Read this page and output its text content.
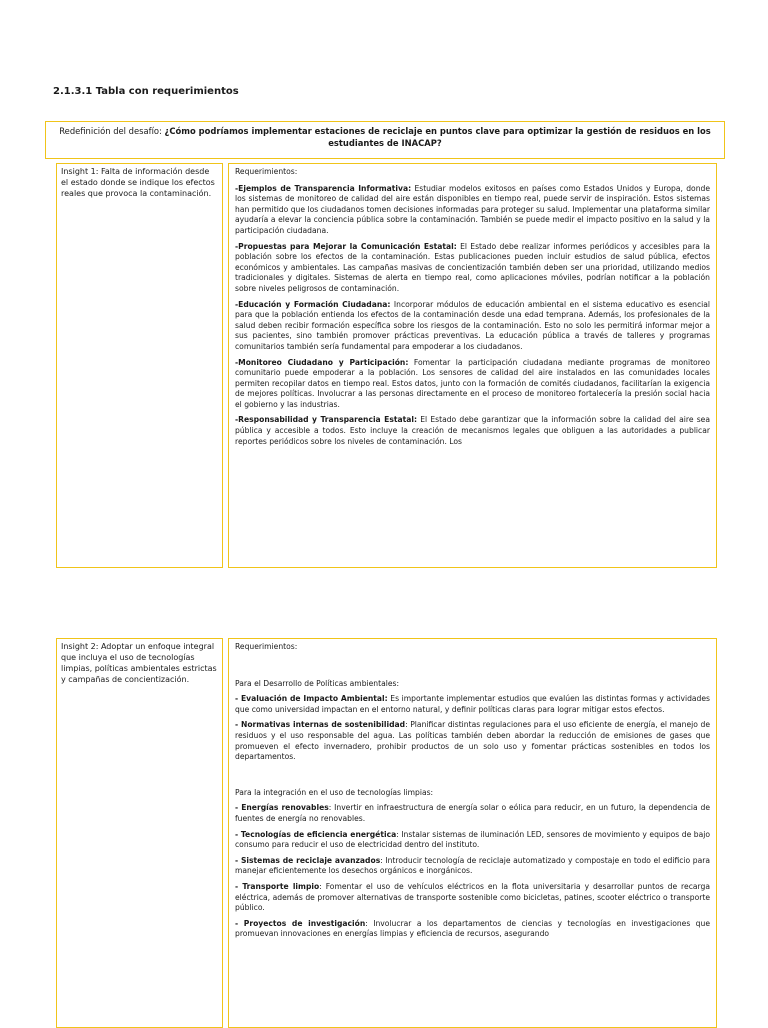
2.1.3.1 Tabla con requerimientos
Redefinición del desafío: ¿Cómo podríamos implementar estaciones de reciclaje en puntos clave para optimizar la gestión de residuos en los estudiantes de INACAP?
Insight 1: Falta de información desde el estado donde se indique los efectos reales que provoca la contaminación.
Requerimientos:

-Ejemplos de Transparencia Informativa: Estudiar modelos exitosos en países como Estados Unidos y Europa, donde los sistemas de monitoreo de calidad del aire están disponibles en tiempo real, puede servir de inspiración. Estos sistemas han permitido que los ciudadanos tomen decisiones informadas para proteger su salud. Implementar una plataforma similar ayudaría a elevar la conciencia pública sobre la contaminación. También se puede medir el impacto positivo en la salud y la participación ciudadana.

-Propuestas para Mejorar la Comunicación Estatal: El Estado debe realizar informes periódicos y accesibles para la población sobre los efectos de la contaminación. Estas publicaciones pueden incluir estudios de salud pública, efectos económicos y ambientales. Las campañas masivas de concientización también deben ser una prioridad, utilizando medios tradicionales y digitales. Sistemas de alerta en tiempo real, como aplicaciones móviles, podrían notificar a la población sobre niveles peligrosos de contaminación.

-Educación y Formación Ciudadana: Incorporar módulos de educación ambiental en el sistema educativo es esencial para que la población entienda los efectos de la contaminación desde una edad temprana. Además, los profesionales de la salud deben recibir formación específica sobre los riesgos de la contaminación. Esto no solo les permitirá informar mejor a sus pacientes, sino también promover prácticas preventivas. La educación pública a través de talleres y programas comunitarios también sería fundamental para empoderar a los ciudadanos.

-Monitoreo Ciudadano y Participación: Fomentar la participación ciudadana mediante programas de monitoreo comunitario puede empoderar a la población. Los sensores de calidad del aire instalados en las comunidades locales permiten recopilar datos en tiempo real. Estos datos, junto con la formación de comités ciudadanos, facilitarían la exigencia de mejores políticas. Involucrar a las personas directamente en el proceso de monitoreo fortalecería la presión social hacia el gobierno y las industrias.

-Responsabilidad y Transparencia Estatal: El Estado debe garantizar que la información sobre la calidad del aire sea pública y accesible a todos. Esto incluye la creación de mecanismos legales que obliguen a las autoridades a publicar reportes periódicos sobre los niveles de contaminación. Los

Insight 2: Adoptar un enfoque integral que incluya el uso de tecnologías limpias, políticas ambientales estrictas y campañas de concientización.
Requerimientos:

Para el Desarrollo de Políticas ambientales:

- Evaluación de Impacto Ambiental: Es importante implementar estudios que evalúen las distintas formas y actividades que como universidad impactan en el entorno natural, y definir políticas claras para lograr mitigar estos efectos.

- Normativas internas de sostenibilidad: Planificar distintas regulaciones para el uso eficiente de energía, el manejo de residuos y el uso responsable del agua. Las políticas también deben abordar la reducción de emisiones de gases que promueven el efecto invernadero, prohibir productos de un solo uso y fomentar prácticas sostenibles en todos los departamentos.

Para la integración en el uso de tecnologías limpias:

- Energías renovables: Invertir en infraestructura de energía solar o eólica para reducir, en un futuro, la dependencia de fuentes de energía no renovables.

- Tecnologías de eficiencia energética: Instalar sistemas de iluminación LED, sensores de movimiento y equipos de bajo consumo para reducir el uso de electricidad dentro del instituto.

- Sistemas de reciclaje avanzados: Introducir tecnología de reciclaje automatizado y compostaje en todo el edificio para manejar eficientemente los desechos orgánicos e inorgánicos.

- Transporte limpio: Fomentar el uso de vehículos eléctricos en la flota universitaria y desarrollar puntos de recarga eléctrica, además de promover alternativas de transporte sostenible como bicicletas, patines, scooter eléctrico o transporte público.

- Proyectos de investigación: Involucrar a los departamentos de ciencias y tecnologías en investigaciones que promuevan innovaciones en energías limpias y eficiencia de recursos, asegurando
